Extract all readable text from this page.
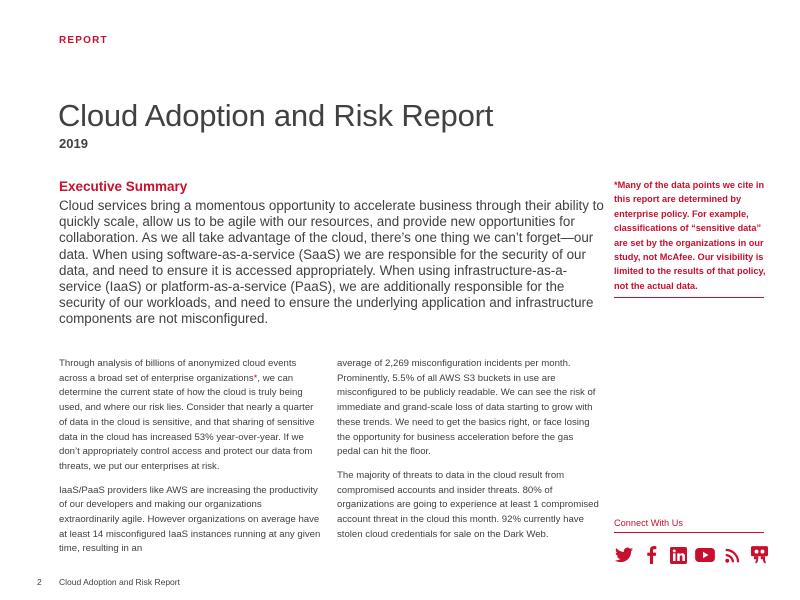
REPORT
Cloud Adoption and Risk Report
2019
Executive Summary
Cloud services bring a momentous opportunity to accelerate business through their ability to quickly scale, allow us to be agile with our resources, and provide new opportunities for collaboration. As we all take advantage of the cloud, there’s one thing we can’t forget—our data. When using software-as-a-service (SaaS) we are responsible for the security of our data, and need to ensure it is accessed appropriately. When using infrastructure-as-a-service (IaaS) or platform-as-a-service (PaaS), we are additionally responsible for the security of our workloads, and need to ensure the underlying application and infrastructure components are not misconfigured.

Through analysis of billions of anonymized cloud events across a broad set of enterprise organizations*, we can determine the current state of how the cloud is truly being used, and where our risk lies. Consider that nearly a quarter of data in the cloud is sensitive, and that sharing of sensitive data in the cloud has increased 53% year-over-year. If we don’t appropriately control access and protect our data from threats, we put our enterprises at risk.

IaaS/PaaS providers like AWS are increasing the productivity of our developers and making our organizations extraordinarily agile. However organizations on average have at least 14 misconfigured IaaS instances running at any given time, resulting in an

average of 2,269 misconfiguration incidents per month. Prominently, 5.5% of all AWS S3 buckets in use are misconfigured to be publicly readable. We can see the risk of immediate and grand-scale loss of data starting to grow with these trends. We need to get the basics right, or face losing the opportunity for business acceleration before the gas pedal can hit the floor.

The majority of threats to data in the cloud result from compromised accounts and insider threats. 80% of organizations are going to experience at least 1 compromised account threat in the cloud this month. 92% currently have stolen cloud credentials for sale on the Dark Web.

*Many of the data points we cite in this report are determined by enterprise policy. For example, classifications of “sensitive data” are set by the organizations in our study, not McAfee. Our visibility is limited to the results of that policy, not the actual data.
Connect With Us
2 Cloud Adoption and Risk Report
